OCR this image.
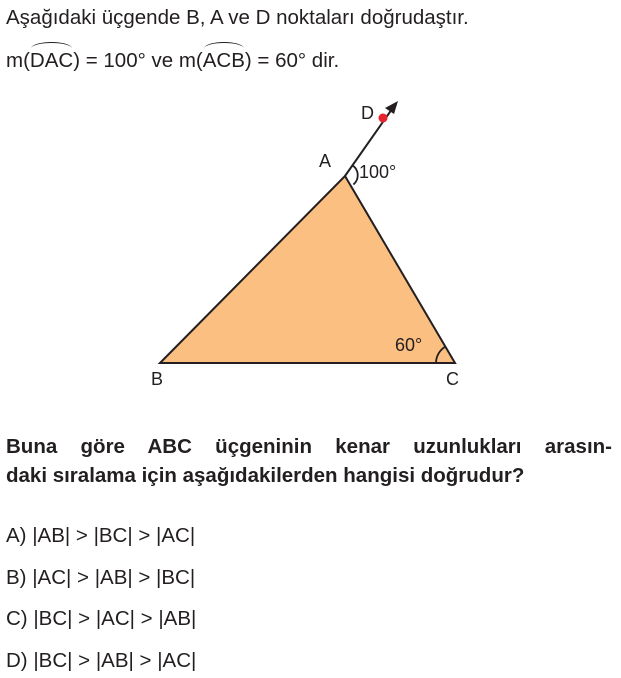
Aşağıdaki üçgende B, A ve D noktaları doğrudaştır.
m(DAC) = 100° ve m(ACB) = 60° dir.
A
B	C
D
100°
60°
Buna göre ABC üçgeninin kenar uzunlukları arasın-
daki sıralama için aşağıdakilerden hangisi doğrudur?
A) |AB| > |BC| > |AC|
B) |AC| > |AB| > |BC|
C) |BC| > |AC| > |AB|
D) |BC| > |AB| > |AC|
